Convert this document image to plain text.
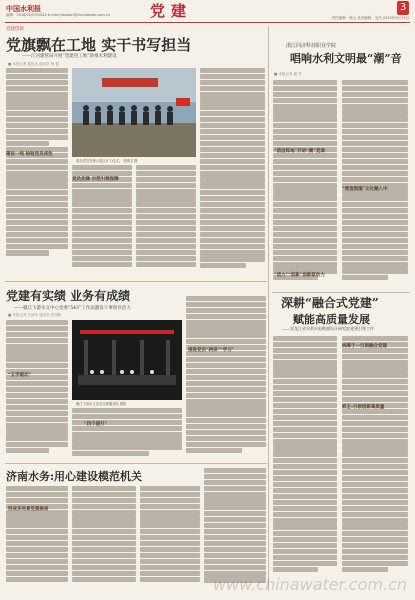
中国水利报	党建	3
编辑：2016/02/03/2024 E-mail:yaowen@chinawater.com.cn
责任编辑：秋云 美术编辑：吴杰 2022年9月13日
党建创新
党旗飘在工地 实干书写担当
——江河建管局开展“党建进工地”助推水利建设
■ 本报记者 黎伍达 通讯员 杨 磊
鸿光党员先锋示范区开工仪式。 贺赐卫 摄
建设一线 检验党员成色
党员先锋 示范引领保障
浙江同济科技职业学院
唱响水利文明最“潮”音
■ 本报记者 谢 君
“前沿阵地”开讲“潮”党课
“活力”“创新”创新驱动力
“营造氛围”文化融入中
党建有实绩 业务有成绩
——赣江下游水文中心党委“543”工作法激发干事创业活力
■ 本报记者 吕清华 通讯员 张国栋
赣江下游水文党员志愿服务队 摄影
“五学联动”
“四个提升”
推进党员“两讲”“学习”
深耕“融合式党建”
赋能高质量发展
——黑龙江省水利水电勘测设计研究院党建引领工作
统筹于一引领融合党建
抓主-引领创新高质量
济南水务:用心建设模范机关
形成多场景党建格局
www.chinawater.com.cn
